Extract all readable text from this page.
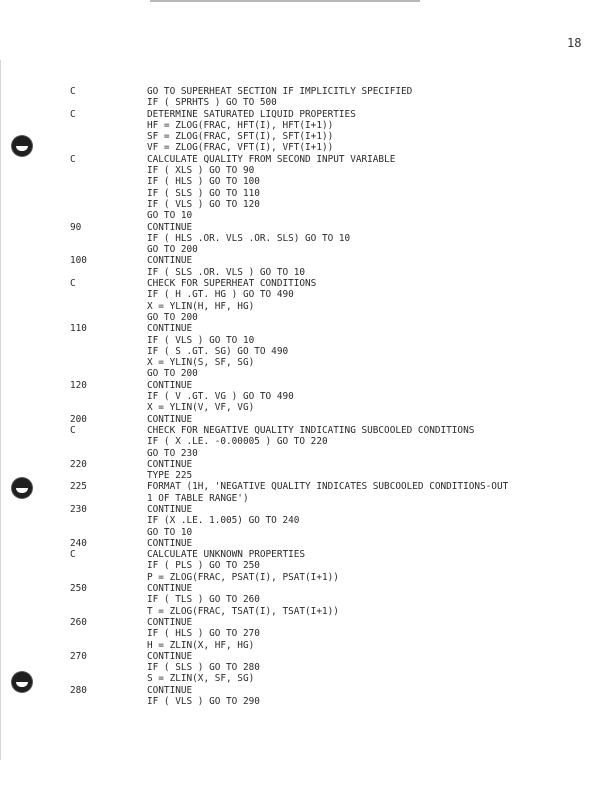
18
C	GO TO SUPERHEAT SECTION IF IMPLICITLY SPECIFIED
IF ( SPRHTS ) GO TO 500
C	DETERMINE SATURATED LIQUID PROPERTIES
HF = ZLOG(FRAC, HFT(I), HFT(I+1))
SF = ZLOG(FRAC, SFT(I), SFT(I+1))
VF = ZLOG(FRAC, VFT(I), VFT(I+1))
C	CALCULATE QUALITY FROM SECOND INPUT VARIABLE
IF ( XLS ) GO TO 90
IF ( HLS ) GO TO 100
IF ( SLS ) GO TO 110
IF ( VLS ) GO TO 120
GO TO 10
90	CONTINUE
IF ( HLS .OR. VLS .OR. SLS) GO TO 10
GO TO 200
100	CONTINUE
IF ( SLS .OR. VLS ) GO TO 10
C	CHECK FOR SUPERHEAT CONDITIONS
IF ( H .GT. HG ) GO TO 490
X = YLIN(H, HF, HG)
GO TO 200
110	CONTINUE
IF ( VLS ) GO TO 10
IF ( S .GT. SG) GO TO 490
X = YLIN(S, SF, SG)
GO TO 200
120	CONTINUE
IF ( V .GT. VG ) GO TO 490
X = YLIN(V, VF, VG)
200	CONTINUE
C	CHECK FOR NEGATIVE QUALITY INDICATING SUBCOOLED CONDITIONS
IF ( X .LE. -0.00005 ) GO TO 220
GO TO 230
220	CONTINUE
TYPE 225
225	FORMAT (1H, 'NEGATIVE QUALITY INDICATES SUBCOOLED CONDITIONS-OUT
1 OF TABLE RANGE')
230	CONTINUE
IF (X .LE. 1.005) GO TO 240
GO TO 10
240	CONTINUE
C	CALCULATE UNKNOWN PROPERTIES
IF ( PLS ) GO TO 250
P = ZLOG(FRAC, PSAT(I), PSAT(I+1))
250	CONTINUE
IF ( TLS ) GO TO 260
T = ZLOG(FRAC, TSAT(I), TSAT(I+1))
260	CONTINUE
IF ( HLS ) GO TO 270
H = ZLIN(X, HF, HG)
270	CONTINUE
IF ( SLS ) GO TO 280
S = ZLIN(X, SF, SG)
280	CONTINUE
IF ( VLS ) GO TO 290
